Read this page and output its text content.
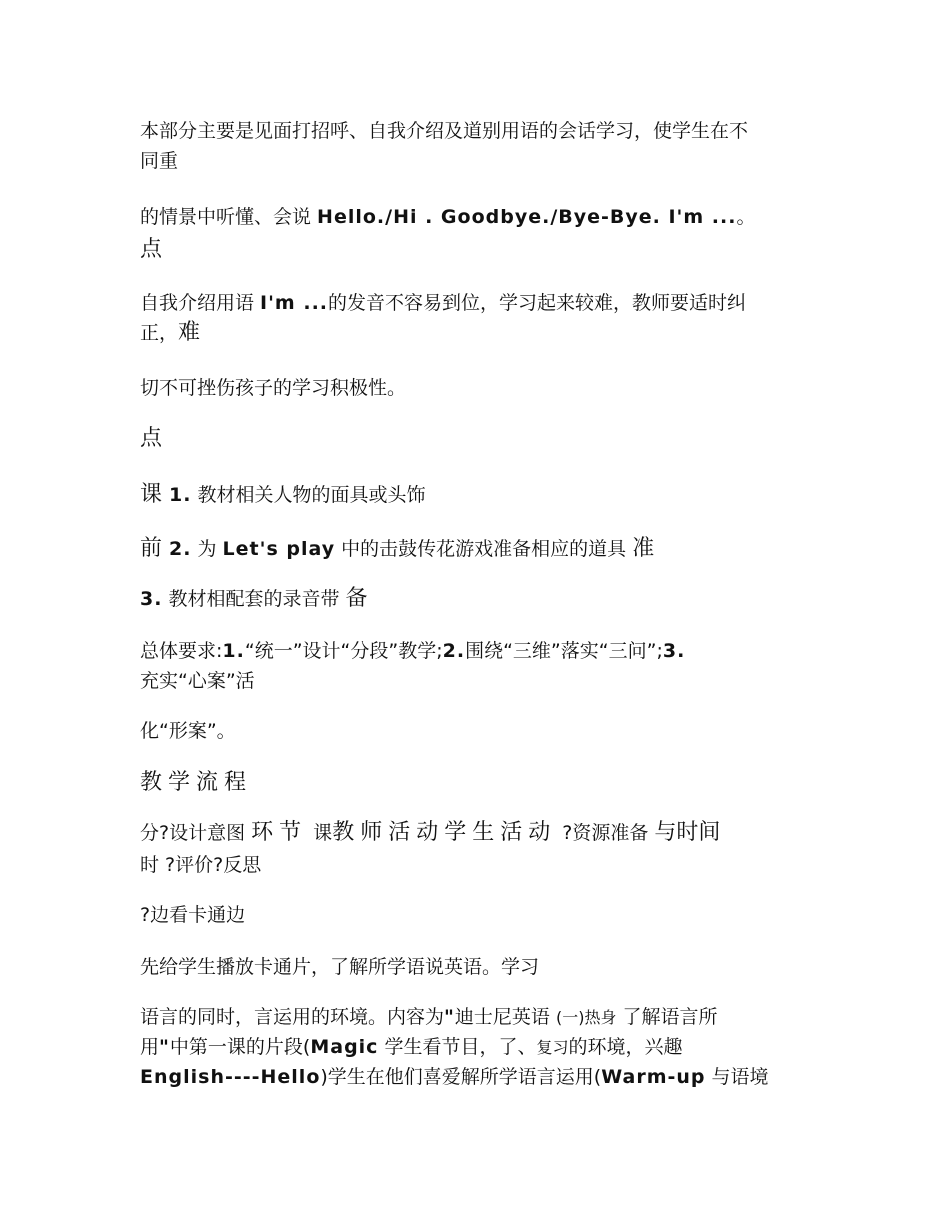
本部分主要是见面打招呼、自我介绍及道别用语的会话学习，使学生在不
同重
的情景中听懂、会说 Hello./Hi . Goodbye./Bye-Bye. I'm ...。
点
自我介绍用语 I'm ...的发音不容易到位，学习起来较难，教师要适时纠
正，难
切不可挫伤孩子的学习积极性。
点
课 1. 教材相关人物的面具或头饰
前 2. 为 Let's play 中的击鼓传花游戏准备相应的道具 准
3. 教材相配套的录音带 备
总体要求:1.“统一”设计“分段”教学;2.围绕“三维”落实“三问”;3.
充实“心案”活
化“形案”。
教学流程
分?设计意图 环节 课教师活动学生活动 ?资源准备 与时间
时 ?评价?反思
?边看卡通边
先给学生播放卡通片，了解所学语说英语。学习
语言的同时，言运用的环境。内容为"迪士尼英语 (一)热身 了解语言所
用"中第一课的片段(Magic 学生看节目，了、复习的环境，兴趣
English----Hello)学生在他们喜爱解所学语言运用(Warm-up 与语境
